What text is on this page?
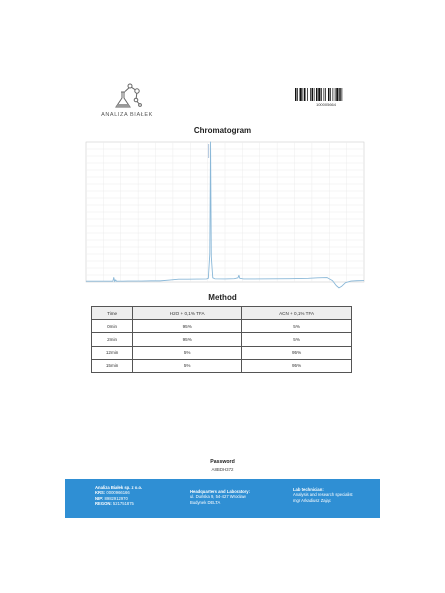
ANALIZA BIAŁEK
100005664
Chromatogram
Method
Time	H2O + 0,1% TFA	ACN + 0,1% TFA
0min	95%	5%
2min	95%	5%
12min	5%	95%
15min	5%	95%
Password
A8BDH372
Analiza Białek sp. z o.o.
KRS: 0000966166
NIP: 8982912970
REGON: 521751875
Headquarters and Laboratory:
ul. Duńska 9, 54-427 Wrocław
Budynek DELTA
Lab technician:
Analysis and research specialist
mgr Arkadiusz Zając
